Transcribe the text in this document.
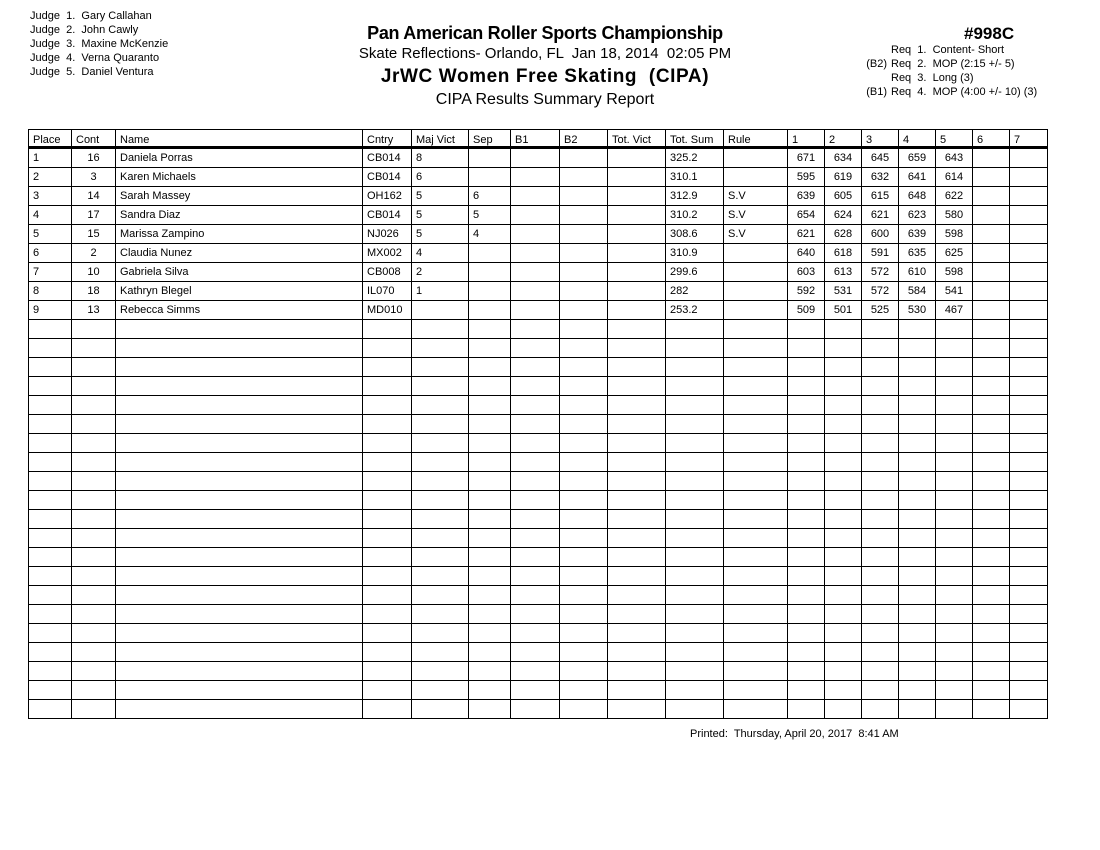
Judge  1. Gary Callahan
Judge  2. John Cawly
Judge  3. Maxine McKenzie
Judge  4. Verna Quaranto
Judge  5. Daniel Ventura
Pan American Roller Sports Championship
Skate Reflections- Orlando, FL  Jan 18, 2014  02:05 PM
JrWC Women Free Skating  (CIPA)
CIPA Results Summary Report
#998C
Req  1.  Content- Short
(B2) Req  2.  MOP (2:15 +/- 5)
Req  3.  Long (3)
(B1) Req  4.  MOP (4:00 +/- 10) (3)
Place	Cont	Name	Cntry	Maj Vict	Sep	B1	B2	Tot. Vict	Tot. Sum	Rule	1	2	3	4	5	6	7
1	16	Daniela Porras	CB014	8					325.2		671	634	645	659	643		
2	3	Karen Michaels	CB014	6					310.1		595	619	632	641	614		
3	14	Sarah Massey	OH162	5	6				312.9	S.V	639	605	615	648	622		
4	17	Sandra Diaz	CB014	5	5				310.2	S.V	654	624	621	623	580		
5	15	Marissa Zampino	NJ026	5	4				308.6	S.V	621	628	600	639	598		
6	2	Claudia Nunez	MX002	4					310.9		640	618	591	635	625		
7	10	Gabriela Silva	CB008	2					299.6		603	613	572	610	598		
8	18	Kathryn Blegel	IL070	1					282		592	531	572	584	541		
9	13	Rebecca Simms	MD010						253.2		509	501	525	530	467		

Printed:  Thursday, April 20, 2017  8:41 AM
